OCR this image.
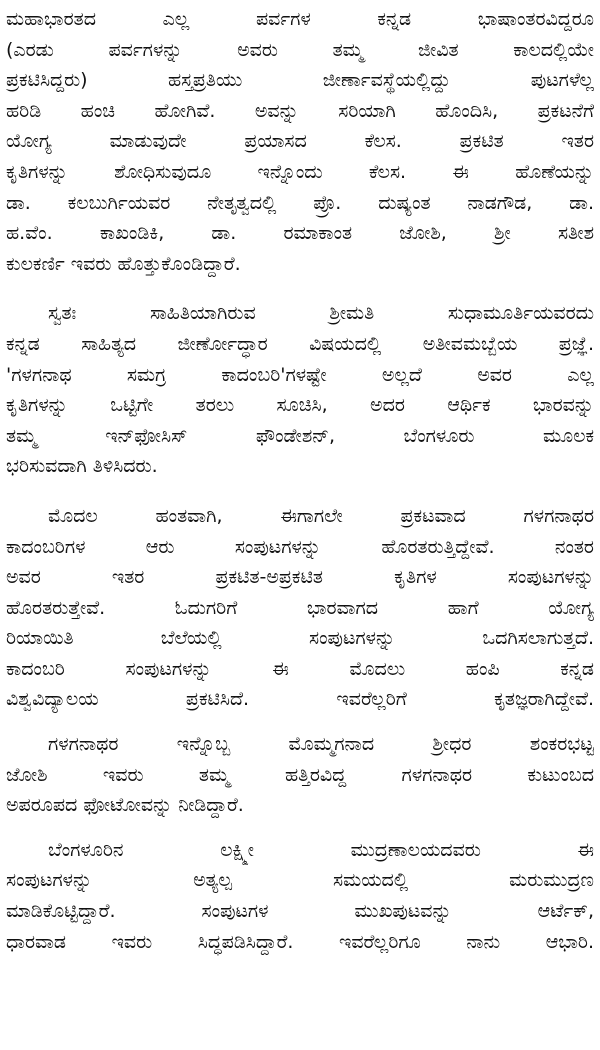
ಮಹಾಭಾರತದ ಎಲ್ಲ ಪರ್ವಗಳ ಕನ್ನಡ ಭಾಷಾಂತರವಿದ್ದರೂ
(ಎರಡು ಪರ್ವಗಳನ್ನು ಅವರು ತಮ್ಮ ಜೀವಿತ ಕಾಲದಲ್ಲಿಯೇ
ಪ್ರಕಟಿಸಿದ್ದರು) ಹಸ್ತಪ್ರತಿಯು ಜೀರ್ಣಾವಸ್ಥೆಯಲ್ಲಿದ್ದು ಪುಟಗಳೆಲ್ಲ
ಹರಿಡಿ ಹಂಚಿ ಹೋಗಿವೆ. ಅವನ್ನು ಸರಿಯಾಗಿ ಹೊಂದಿಸಿ, ಪ್ರಕಟನೆಗೆ
ಯೋಗ್ಯ ಮಾಡುವುದೇ ಪ್ರಯಾಸದ ಕೆಲಸ. ಪ್ರಕಟಿತ ಇತರ
ಕೃತಿಗಳನ್ನು ಶೋಧಿಸುವುದೂ ಇನ್ನೊಂದು ಕೆಲಸ. ಈ ಹೊಣೆಯನ್ನು
ಡಾ. ಕಲಬುರ್ಗಿಯವರ ನೇತೃತ್ವದಲ್ಲಿ ಪ್ರೊ. ದುಷ್ಯಂತ ನಾಡಗೌಡ, ಡಾ.
ಹ.ವೆಂ. ಕಾಖಂಡಿಕಿ, ಡಾ. ರಮಾಕಾಂತ ಜೋಶಿ, ಶ್ರೀ ಸತೀಶ
ಕುಲಕರ್ಣಿ ಇವರು ಹೊತ್ತುಕೊಂಡಿದ್ದಾರೆ.
ಸ್ವತಃ ಸಾಹಿತಿಯಾಗಿರುವ ಶ್ರೀಮತಿ ಸುಧಾಮೂರ್ತಿಯವರದು
ಕನ್ನಡ ಸಾಹಿತ್ಯದ ಜೀರ್ಣೋದ್ಧಾರ ವಿಷಯದಲ್ಲಿ ಅತೀವಮಬ್ಬೆಯ ಪ್ರಜ್ಞೆ.
'ಗಳಗನಾಥ ಸಮಗ್ರ ಕಾದಂಬರಿ'ಗಳಷ್ಟೇ ಅಲ್ಲದೆ ಅವರ ಎಲ್ಲ
ಕೃತಿಗಳನ್ನು ಒಟ್ಟಿಗೇ ತರಲು ಸೂಚಿಸಿ, ಅದರ ಆರ್ಥಿಕ ಭಾರವನ್ನು
ತಮ್ಮ ಇನ್‌ಫೋಸಿಸ್ ಫೌಂಡೇಶನ್, ಬೆಂಗಳೂರು ಮೂಲಕ
ಭರಿಸುವದಾಗಿ ತಿಳಿಸಿದರು.
ಮೊದಲ ಹಂತವಾಗಿ, ಈಗಾಗಲೇ ಪ್ರಕಟವಾದ ಗಳಗನಾಥರ
ಕಾದಂಬರಿಗಳ ಆರು ಸಂಪುಟಗಳನ್ನು ಹೊರತರುತ್ತಿದ್ದೇವೆ. ನಂತರ
ಅವರ ಇತರ ಪ್ರಕಟಿತ-ಅಪ್ರಕಟಿತ ಕೃತಿಗಳ ಸಂಪುಟಗಳನ್ನು
ಹೊರತರುತ್ತೇವೆ. ಓದುಗರಿಗೆ ಭಾರವಾಗದ ಹಾಗೆ ಯೋಗ್ಯ
ರಿಯಾಯಿತಿ ಬೆಲೆಯಲ್ಲಿ ಸಂಪುಟಗಳನ್ನು ಒದಗಿಸಲಾಗುತ್ತದೆ.
ಕಾದಂಬರಿ ಸಂಪುಟಗಳನ್ನು ಈ ಮೊದಲು ಹಂಪಿ ಕನ್ನಡ
ವಿಶ್ವವಿದ್ಯಾಲಯ ಪ್ರಕಟಿಸಿದೆ. ಇವರೆಲ್ಲರಿಗೆ ಕೃತಜ್ಞರಾಗಿದ್ದೇವೆ.
ಗಳಗನಾಥರ ಇನ್ನೊಬ್ಬ ಮೊಮ್ಮಗನಾದ ಶ್ರೀಧರ ಶಂಕರಭಟ್ಟ
ಜೋಶಿ ಇವರು ತಮ್ಮ ಹತ್ತಿರವಿದ್ದ ಗಳಗನಾಥರ ಕುಟುಂಬದ
ಅಪರೂಪದ ಫೋಟೋವನ್ನು ನೀಡಿದ್ದಾರೆ.
ಬೆಂಗಳೂರಿನ ಲಕ್ಷ್ಮೀ ಮುದ್ರಣಾಲಯದವರು ಈ
ಸಂಪುಟಗಳನ್ನು ಅತ್ಯಲ್ಪ ಸಮಯದಲ್ಲಿ ಮರುಮುದ್ರಣ
ಮಾಡಿಕೊಟ್ಟಿದ್ದಾರೆ. ಸಂಪುಟಗಳ ಮುಖಪುಟವನ್ನು ಆರ್ಟೆಕ್,
ಧಾರವಾಡ ಇವರು ಸಿದ್ಧಪಡಿಸಿದ್ದಾರೆ. ಇವರೆಲ್ಲರಿಗೂ ನಾನು ಆಭಾರಿ.
